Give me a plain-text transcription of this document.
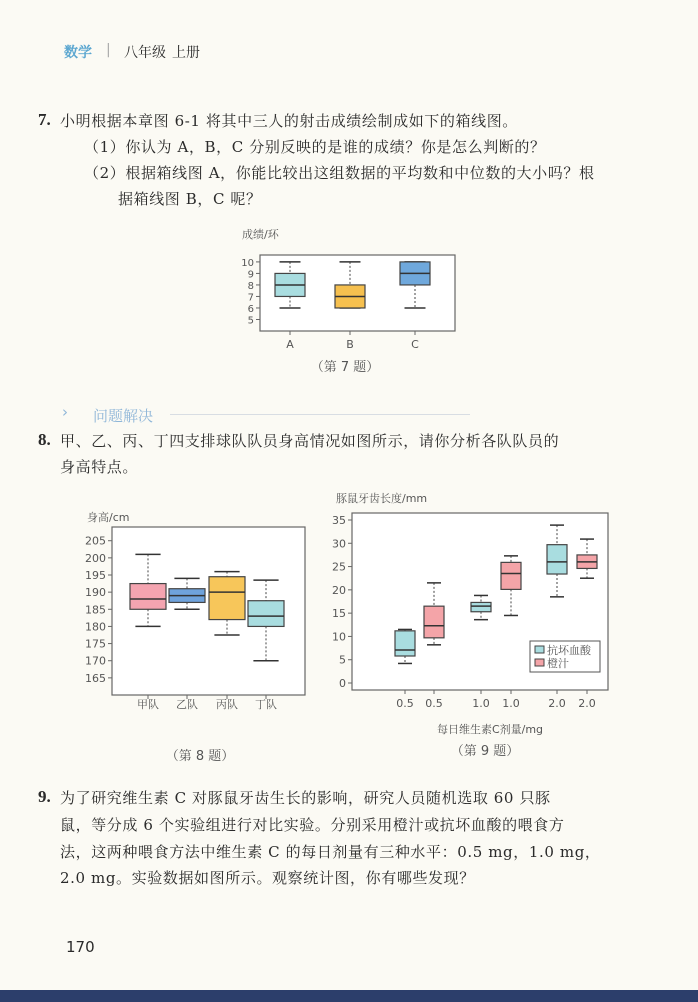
数学 | 八年级 上册
7. 小明根据本章图 6-1 将其中三人的射击成绩绘制成如下的箱线图。
（1）你认为 A，B，C 分别反映的是谁的成绩？你是怎么判断的？
（2）根据箱线图 A，你能比较出这组数据的平均数和中位数的大小吗？根
据箱线图 B，C 呢？
› 问题解决
8. 甲、乙、丙、丁四支排球队队员身高情况如图所示，请你分析各队队员的
身高特点。
9. 为了研究维生素 C 对豚鼠牙齿生长的影响，研究人员随机选取 60 只豚
鼠，等分成 6 个实验组进行对比实验。分别采用橙汁或抗坏血酸的喂食方
法，这两种喂食方法中维生素 C 的每日剂量有三种水平：0.5 mg，1.0 mg，
2.0 mg。实验数据如图所示。观察统计图，你有哪些发现？
170
（第 7 题）
（第 8 题）	（第 9 题）
成绩/环
5
6
7
8
9
10
A	B	C
身高/cm
165
170
175
180
185
190
195
200
205
甲队 乙队 丙队 丁队
豚鼠牙齿长度/mm
0
5
10
15
20
25
30
35
0.5 0.5	1.0 1.0	2.0 2.0
每日维生素C剂量/mg
抗坏血酸
橙汁
